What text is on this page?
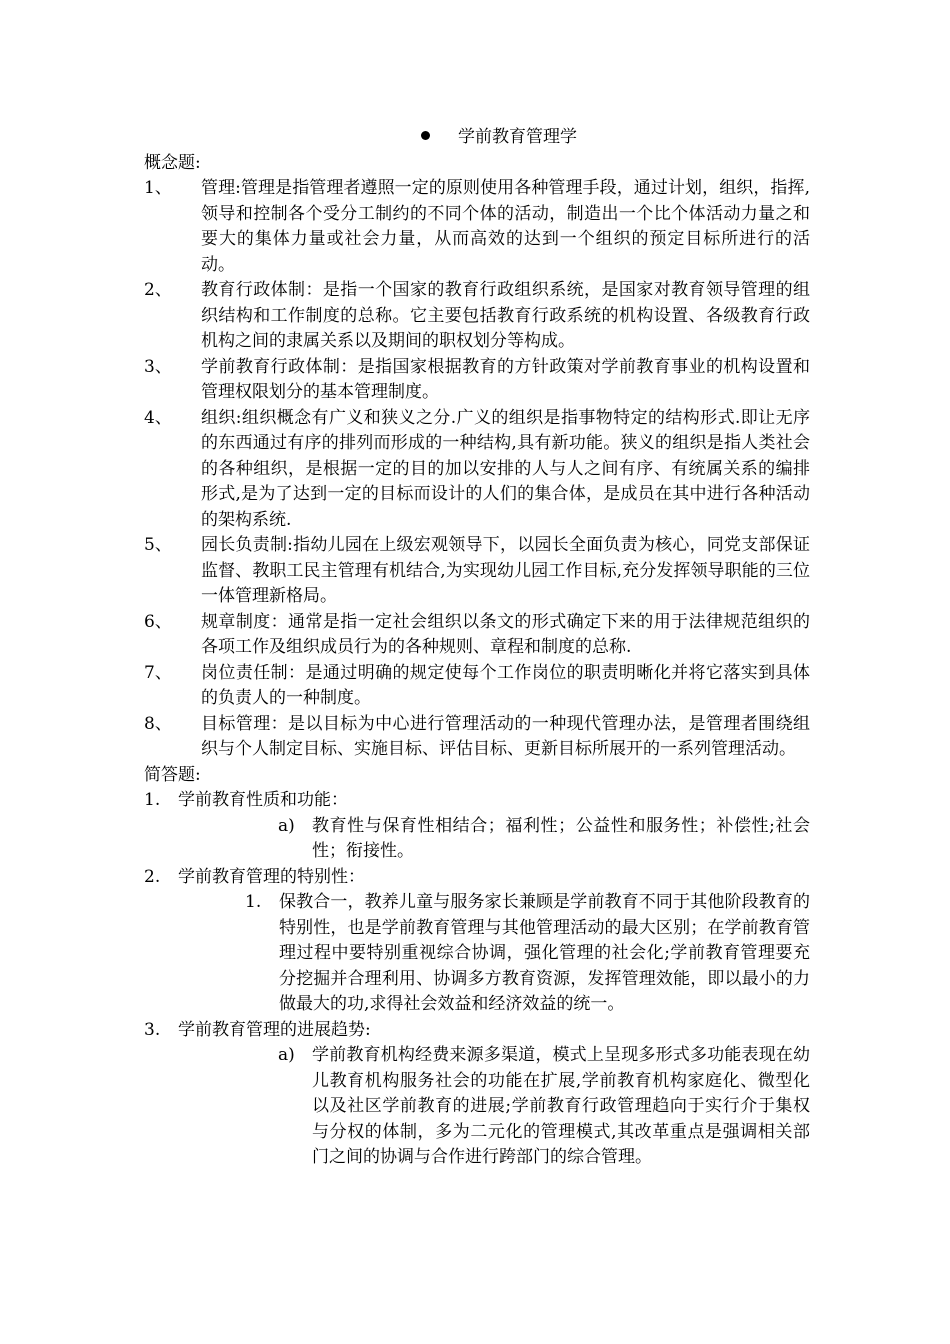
学前教育管理学
概念题:
1、	管理:管理是指管理者遵照一定的原则使用各种管理手段，通过计划，组织，指挥,领导和控制各个受分工制约的不同个体的活动，制造出一个比个体活动力量之和要大的集体力量或社会力量，从而高效的达到一个组织的预定目标所进行的活动。
2、	教育行政体制：是指一个国家的教育行政组织系统，是国家对教育领导管理的组织结构和工作制度的总称。它主要包括教育行政系统的机构设置、各级教育行政机构之间的隶属关系以及期间的职权划分等构成。
3、	学前教育行政体制：是指国家根据教育的方针政策对学前教育事业的机构设置和管理权限划分的基本管理制度。
4、	组织:组织概念有广义和狭义之分.广义的组织是指事物特定的结构形式.即让无序的东西通过有序的排列而形成的一种结构,具有新功能。狭义的组织是指人类社会的各种组织，是根据一定的目的加以安排的人与人之间有序、有统属关系的编排形式,是为了达到一定的目标而设计的人们的集合体，是成员在其中进行各种活动的架构系统.
5、	园长负责制:指幼儿园在上级宏观领导下，以园长全面负责为核心，同党支部保证监督、教职工民主管理有机结合,为实现幼儿园工作目标,充分发挥领导职能的三位一体管理新格局。
6、	规章制度：通常是指一定社会组织以条文的形式确定下来的用于法律规范组织的各项工作及组织成员行为的各种规则、章程和制度的总称.
7、	岗位责任制：是通过明确的规定使每个工作岗位的职责明晰化并将它落实到具体的负责人的一种制度。
8、	目标管理：是以目标为中心进行管理活动的一种现代管理办法，是管理者围绕组织与个人制定目标、实施目标、评估目标、更新目标所展开的一系列管理活动。
简答题:
1.	学前教育性质和功能：
a)	教育性与保育性相结合；福利性；公益性和服务性；补偿性;社会性；衔接性。
2.	学前教育管理的特别性：
1.	保教合一，教养儿童与服务家长兼顾是学前教育不同于其他阶段教育的特别性，也是学前教育管理与其他管理活动的最大区别；在学前教育管理过程中要特别重视综合协调，强化管理的社会化;学前教育管理要充分挖掘并合理利用、协调多方教育资源，发挥管理效能，即以最小的力做最大的功,求得社会效益和经济效益的统一。
3.	学前教育管理的进展趋势:
a)	学前教育机构经费来源多渠道，模式上呈现多形式多功能表现在幼儿教育机构服务社会的功能在扩展,学前教育机构家庭化、微型化以及社区学前教育的进展;学前教育行政管理趋向于实行介于集权与分权的体制，多为二元化的管理模式,其改革重点是强调相关部门之间的协调与合作进行跨部门的综合管理。
